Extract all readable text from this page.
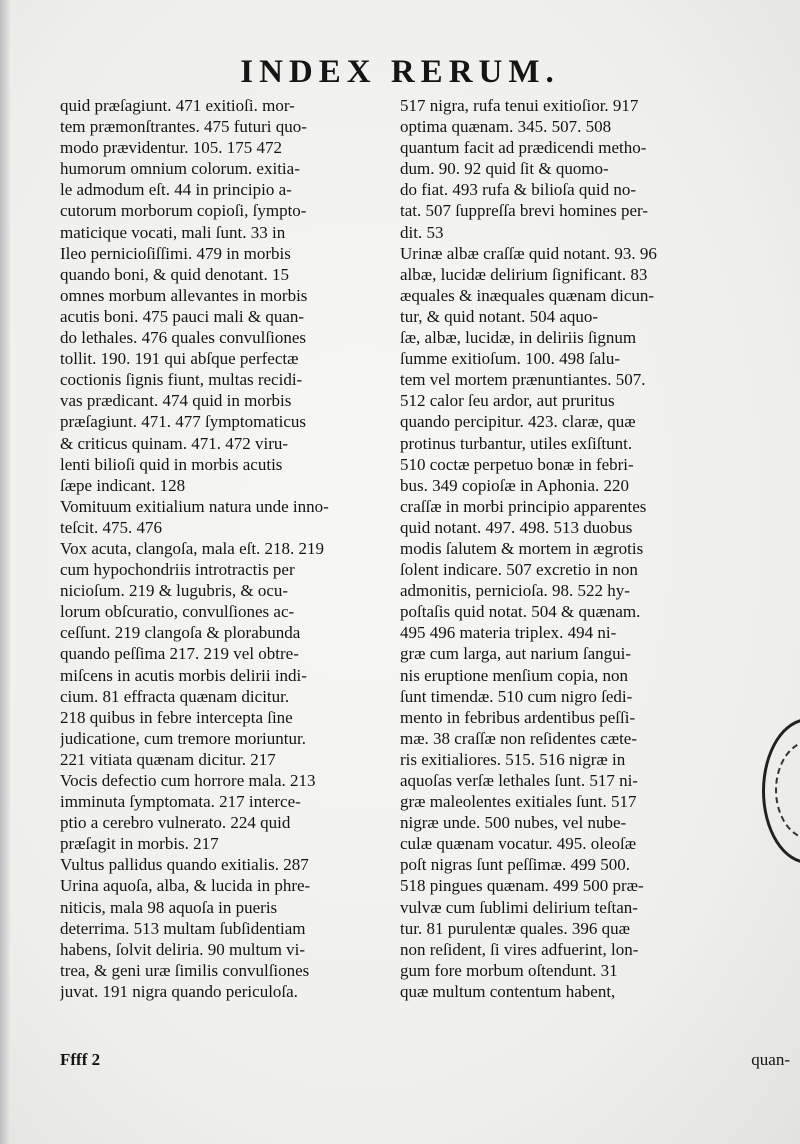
INDEX RERUM.
quid præſagiunt. 471 exitioſi. mor-
tem præmonſtrantes. 475 futuri quo-
modo prævidentur. 105. 175 472
humorum omnium colorum. exitia-
le admodum eſt. 44 in principio a-
cutorum morborum copioſi, ſympto-
maticique vocati, mali ſunt. 33 in
Ileo pernicioſiſſimi. 479 in morbis
quando boni, & quid denotant. 15
omnes morbum allevantes in morbis
acutis boni. 475 pauci mali & quan-
do lethales. 476 quales convulſiones
tollit. 190. 191 qui abſque perfectæ
coctionis ſignis fiunt, multas recidi-
vas prædicant. 474 quid in morbis
præſagiunt. 471. 477 ſymptomaticus
& criticus quinam. 471. 472 viru-
lenti bilioſi quid in morbis acutis
ſæpe indicant. 128
Vomituum exitialium natura unde inno-
teſcit. 475. 476
Vox acuta, clangoſa, mala eſt. 218. 219
cum hypochondriis introtractis per
nicioſum. 219 & lugubris, & ocu-
lorum obſcuratio, convulſiones ac-
ceſſunt. 219 clangoſa & plorabunda
quando peſſima 217. 219 vel obtre-
miſcens in acutis morbis delirii indi-
cium. 81 effracta quænam dicitur.
218 quibus in febre intercepta ſine
judicatione, cum tremore moriuntur.
221 vitiata quænam dicitur. 217
Vocis defectio cum horrore mala. 213
imminuta ſymptomata. 217 interce-
ptio a cerebro vulnerato. 224 quid
præſagit in morbis. 217
Vultus pallidus quando exitialis. 287
Urina aquoſa, alba, & lucida in phre-
niticis, mala 98 aquoſa in pueris
deterrima. 513 multam ſubſidentiam
habens, ſolvit deliria. 90 multum vi-
trea, & geni uræ ſimilis convulſiones
juvat. 191 nigra quando periculoſa.
517 nigra, rufa tenui exitioſior. 917
optima quænam. 345. 507. 508
quantum facit ad prædicendi metho-
dum. 90. 92 quid ſit & quomo-
do fiat. 493 rufa & bilioſa quid no-
tat. 507 ſuppreſſa brevi homines per-
dit. 53
Urinæ albæ craſſæ quid notant. 93. 96
albæ, lucidæ delirium ſignificant. 83
æquales & inæquales quænam dicun-
tur, & quid notant. 504 aquo-
ſæ, albæ, lucidæ, in deliriis ſignum
ſumme exitioſum. 100. 498 ſalu-
tem vel mortem prænuntiantes. 507.
512 calor ſeu ardor, aut pruritus
quando percipitur. 423. claræ, quæ
protinus turbantur, utiles exſiſtunt.
510 coctæ perpetuo bonæ in febri-
bus. 349 copioſæ in Aphonia. 220
craſſæ in morbi principio apparentes
quid notant. 497. 498. 513 duobus
modis ſalutem & mortem in ægrotis
ſolent indicare. 507 excretio in non
admonitis, pernicioſa. 98. 522 hy-
poſtaſis quid notat. 504 & quænam.
495 496 materia triplex. 494 ni-
græ cum larga, aut narium ſangui-
nis eruptione menſium copia, non
ſunt timendæ. 510 cum nigro ſedi-
mento in febribus ardentibus peſſi-
mæ. 38 craſſæ non reſidentes cæte-
ris exitialiores. 515. 516 nigræ in
aquoſas verſæ lethales ſunt. 517 ni-
græ maleolentes exitiales ſunt. 517
nigræ unde. 500 nubes, vel nube-
culæ quænam vocatur. 495. oleoſæ
poſt nigras ſunt peſſimæ. 499 500.
518 pingues quænam. 499 500 præ-
vulvæ cum ſublimi delirium teſtan-
tur. 81 purulentæ quales. 396 quæ
non reſident, ſi vires adfuerint, lon-
gum fore morbum oſtendunt. 31
quæ multum contentum habent,
Ffff 2	quan-
